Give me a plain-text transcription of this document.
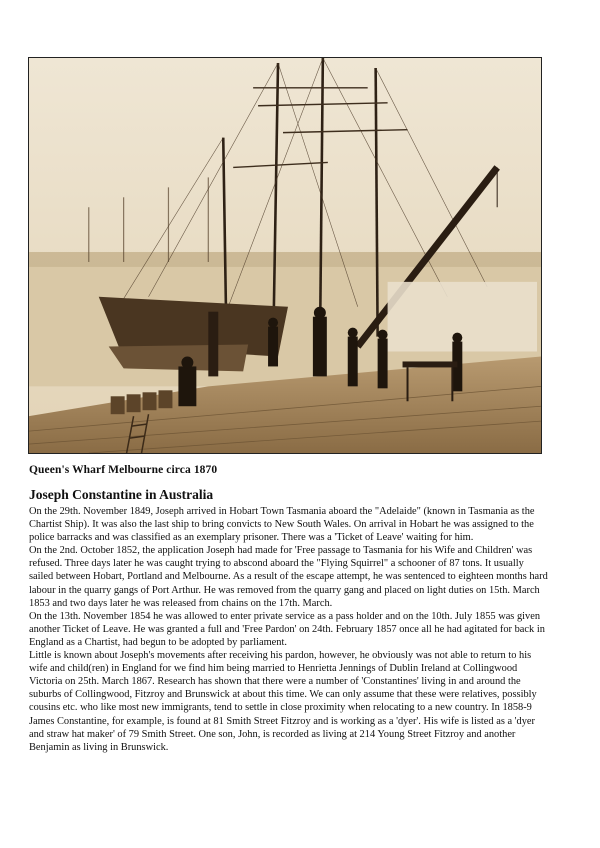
Queen's Wharf Melbourne circa 1870
Joseph Constantine in Australia

On the 29th. November 1849, Joseph arrived in Hobart Town Tasmania aboard the "Adelaide" (known in Tasmania as the Chartist Ship). It was also the last ship to bring convicts to New South Wales. On arrival in Hobart he was assigned to the police barracks and was classified as an exemplary prisoner. There was a 'Ticket of Leave' waiting for him.

On the 2nd. October 1852, the application Joseph had made for 'Free passage to Tasmania for his Wife and Children' was refused. Three days later he was caught trying to abscond aboard the "Flying Squirrel" a schooner of 87 tons. It usually sailed between Hobart, Portland and Melbourne. As a result of the escape attempt, he was sentenced to eighteen months hard labour in the quarry gangs of Port Arthur. He was removed from the quarry gang and placed on light duties on 15th. March 1853 and two days later he was released from chains on the 17th. March.

On the 13th. November 1854 he was allowed to enter private service as a pass holder and on the 10th. July 1855 was given another Ticket of Leave. He was granted a full and 'Free Pardon' on 24th. February 1857 once all he had agitated for back in England as a Chartist, had begun to be adopted by parliament.

Little is known about Joseph's movements after receiving his pardon, however, he obviously was not able to return to his wife and child(ren) in England for we find him being married to Henrietta Jennings of Dublin Ireland at Collingwood Victoria on 25th. March 1867. Research has shown that there were a number of 'Constantines' living in and around the suburbs of Collingwood, Fitzroy and Brunswick at about this time. We can only assume that these were relatives, possibly cousins etc. who like most new immigrants, tend to settle in close proximity when relocating to a new country. In 1858-9 James Constantine, for example, is found at 81 Smith Street Fitzroy and is working as a 'dyer'. His wife is listed as a 'dyer and straw hat maker' of 79 Smith Street. One son, John, is recorded as living at 214 Young Street Fitzroy and another Benjamin as living in Brunswick.
